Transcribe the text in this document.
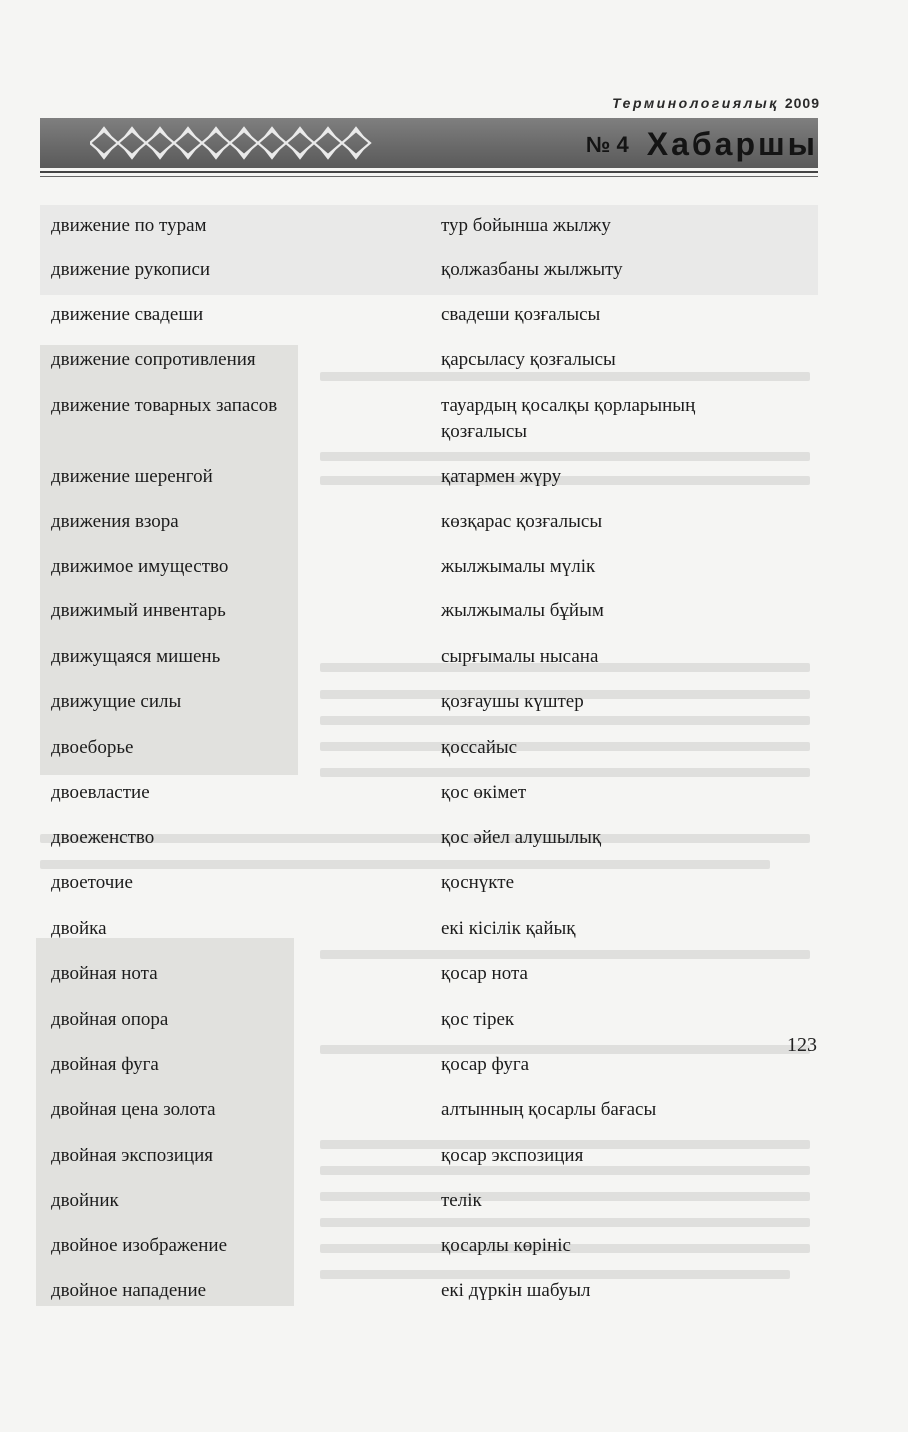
Терминологиялық 2009
№ 4 Хабаршы
движение по турам	тур бойынша жылжу
движение рукописи	қолжазбаны жылжыту
движение свадеши	свадеши қозғалысы
движение сопротивления	қарсыласу қозғалысы
движение товарных запасов	тауардың қосалқы қорларының
қозғалысы
движение шеренгой	қатармен жүру
движения взора	көзқарас қозғалысы
движимое имущество	жылжымалы мүлік
движимый инвентарь	жылжымалы бұйым
движущаяся мишень	сырғымалы нысана
движущие силы	қозғаушы күштер
двоеборье	қоссайыс
двоевластие	қос өкімет
двоеженство	қос әйел алушылық
двоеточие	қоснүкте
двойка	екі кісілік қайық
двойная нота	қосар нота
двойная опора	қос тірек
двойная фуга	қосар фуга
двойная цена золота	алтынның қосарлы бағасы
двойная экспозиция	қосар экспозиция
двойник	телік
двойное изображение	қосарлы көрініс
двойное нападение	екі дүркін шабуыл
123
